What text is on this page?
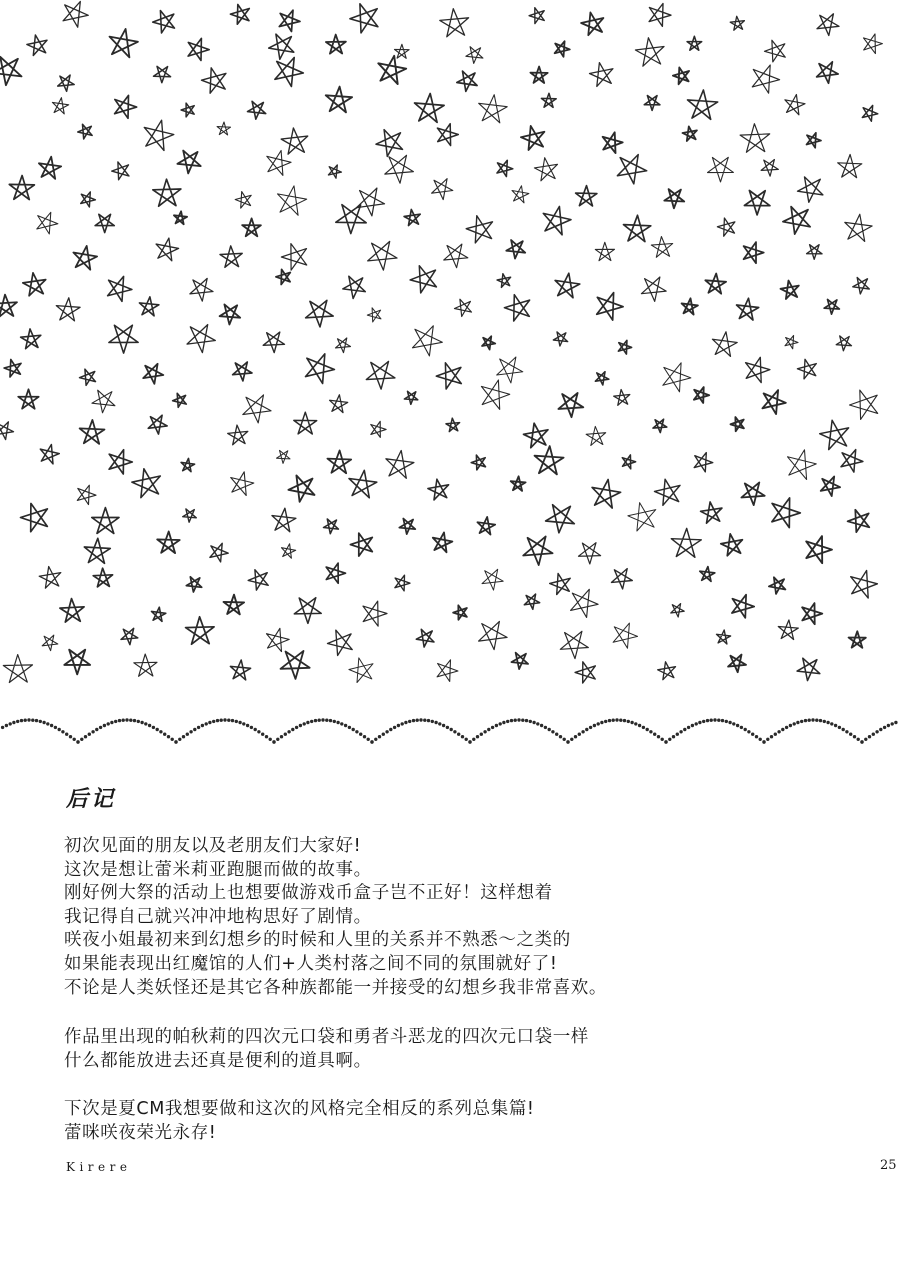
后记
初次见面的朋友以及老朋友们大家好!
这次是想让蕾米莉亚跑腿而做的故事。
刚好例大祭的活动上也想要做游戏币盒子岂不正好！这样想着
我记得自己就兴冲冲地构思好了剧情。
咲夜小姐最初来到幻想乡的时候和人里的关系并不熟悉～之类的
如果能表现出红魔馆的人们+人类村落之间不同的氛围就好了!
不论是人类妖怪还是其它各种族都能一并接受的幻想乡我非常喜欢。
作品里出现的帕秋莉的四次元口袋和勇者斗恶龙的四次元口袋一样
什么都能放进去还真是便利的道具啊。
下次是夏CM我想要做和这次的风格完全相反的系列总集篇!
蕾咪咲夜荣光永存!
Kirere	25
